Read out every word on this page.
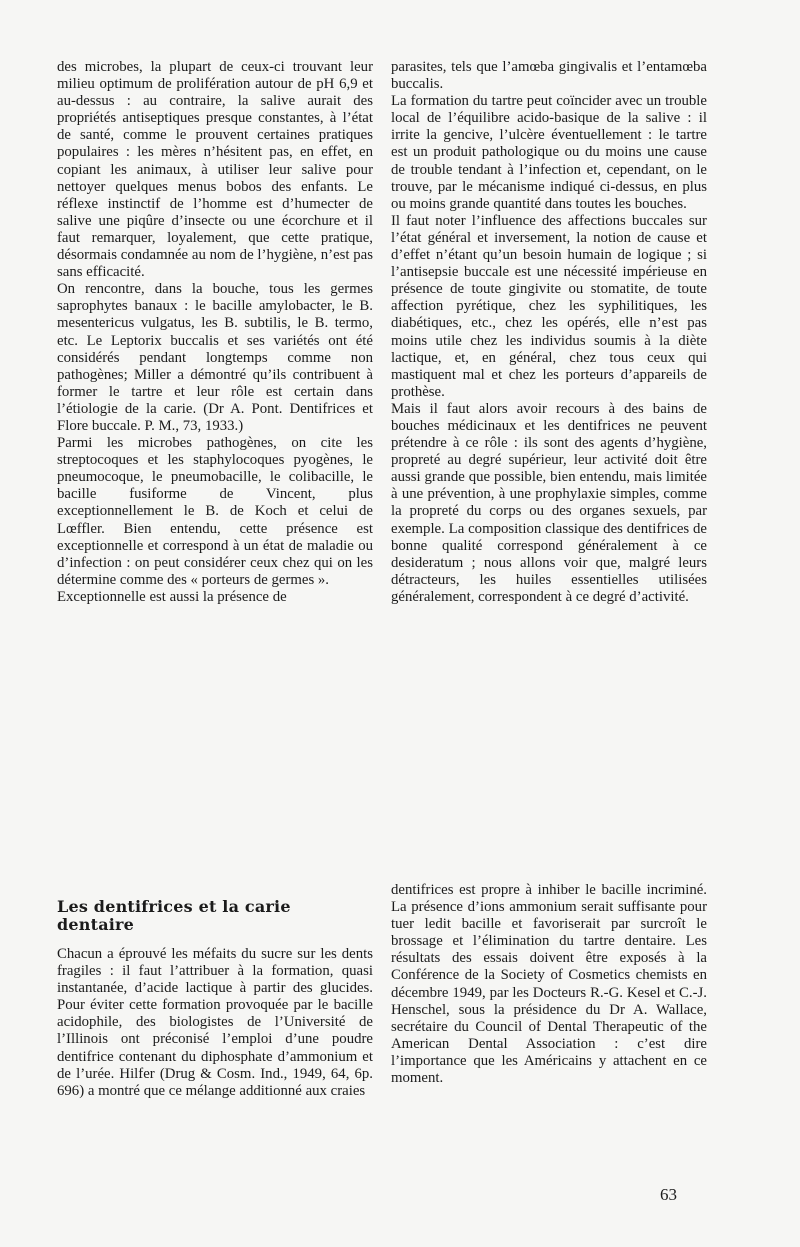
des microbes, la plupart de ceux-ci trouvant leur milieu optimum de prolifération autour de pH 6,9 et au-dessus : au contraire, la salive aurait des propriétés antiseptiques presque constantes, à l’état de santé, comme le prouvent certaines pratiques populaires : les mères n’hésitent pas, en effet, en copiant les animaux, à utiliser leur salive pour nettoyer quelques menus bobos des enfants. Le réflexe instinctif de l’homme est d’humecter de salive une piqûre d’insecte ou une écorchure et il faut remarquer, loyalement, que cette pratique, désormais condamnée au nom de l’hygiène, n’est pas sans efficacité.

On rencontre, dans la bouche, tous les germes saprophytes banaux : le bacille amylobacter, le B. mesentericus vulgatus, les B. subtilis, le B. termo, etc. Le Leptorix buccalis et ses variétés ont été considérés pendant longtemps comme non pathogènes; Miller a démontré qu’ils contribuent à former le tartre et leur rôle est certain dans l’étiologie de la carie. (Dr A. Pont. Dentifrices et Flore buccale. P. M., 73, 1933.)

Parmi les microbes pathogènes, on cite les streptocoques et les staphylocoques pyogènes, le pneumocoque, le pneumobacille, le colibacille, le bacille fusiforme de Vincent, plus exceptionnellement le B. de Koch et celui de Lœffler. Bien entendu, cette présence est exceptionnelle et correspond à un état de maladie ou d’infection : on peut considérer ceux chez qui on les détermine comme des « porteurs de germes ».

Exceptionnelle est aussi la présence de

parasites, tels que l’amœba gingivalis et l’entamœba buccalis.

La formation du tartre peut coïncider avec un trouble local de l’équilibre acido-basique de la salive : il irrite la gencive, l’ulcère éventuellement : le tartre est un produit pathologique ou du moins une cause de trouble tendant à l’infection et, cependant, on le trouve, par le mécanisme indiqué ci-dessus, en plus ou moins grande quantité dans toutes les bouches.

Il faut noter l’influence des affections buccales sur l’état général et inversement, la notion de cause et d’effet n’étant qu’un besoin humain de logique ; si l’antisepsie buccale est une nécessité impérieuse en présence de toute gingivite ou stomatite, de toute affection pyrétique, chez les syphilitiques, les diabétiques, etc., chez les opérés, elle n’est pas moins utile chez les individus soumis à la diète lactique, et, en général, chez tous ceux qui mastiquent mal et chez les porteurs d’appareils de prothèse.

Mais il faut alors avoir recours à des bains de bouches médicinaux et les dentifrices ne peuvent prétendre à ce rôle : ils sont des agents d’hygiène, propreté au degré supérieur, leur activité doit être aussi grande que possible, bien entendu, mais limitée à une prévention, à une prophylaxie simples, comme la propreté du corps ou des organes sexuels, par exemple. La composition classique des dentifrices de bonne qualité correspond généralement à ce desideratum ; nous allons voir que, malgré leurs détracteurs, les huiles essentielles utilisées généralement, correspondent à ce degré d’activité.

Les dentifrices et la carie dentaire

Chacun a éprouvé les méfaits du sucre sur les dents fragiles : il faut l’attribuer à la formation, quasi instantanée, d’acide lactique à partir des glucides. Pour éviter cette formation provoquée par le bacille acidophile, des biologistes de l’Université de l’Illinois ont préconisé l’emploi d’une poudre dentifrice contenant du diphosphate d’ammonium et de l’urée. Hilfer (Drug & Cosm. Ind., 1949, 64, 6p. 696) a montré que ce mélange additionné aux craies

dentifrices est propre à inhiber le bacille incriminé. La présence d’ions ammonium serait suffisante pour tuer ledit bacille et favoriserait par surcroît le brossage et l’élimination du tartre dentaire. Les résultats des essais doivent être exposés à la Conférence de la Society of Cosmetics chemists en décembre 1949, par les Docteurs R.-G. Kesel et C.-J. Henschel, sous la présidence du Dr A. Wallace, secrétaire du Council of Dental Therapeutic of the American Dental Association : c’est dire l’importance que les Américains y attachent en ce moment.

63
